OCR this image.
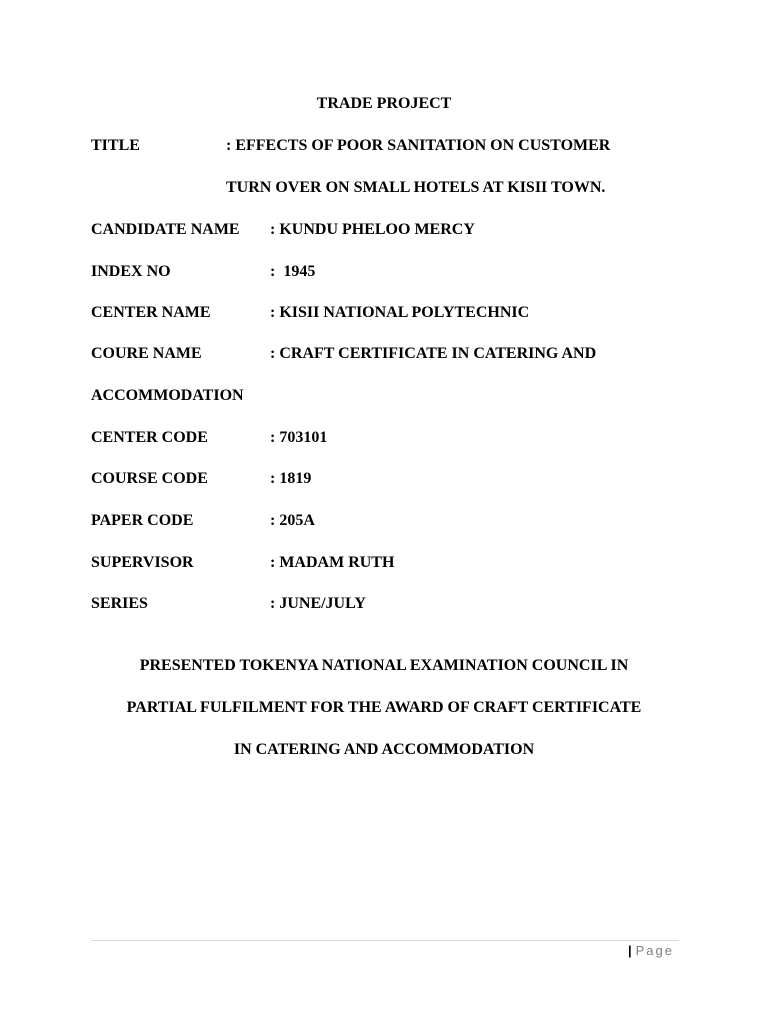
TRADE PROJECT
TITLE	: EFFECTS OF POOR SANITATION ON CUSTOMER
TURN OVER ON SMALL HOTELS AT KISII TOWN.
CANDIDATE NAME : KUNDU PHELOO MERCY
INDEX NO	:  1945
CENTER NAME	: KISII NATIONAL POLYTECHNIC
COURE NAME	: CRAFT CERTIFICATE IN CATERING AND
ACCOMMODATION
CENTER CODE	: 703101
COURSE CODE	: 1819
PAPER CODE	: 205A
SUPERVISOR	: MADAM RUTH
SERIES	: JUNE/JULY
PRESENTED TOKENYA NATIONAL EXAMINATION COUNCIL IN
PARTIAL FULFILMENT FOR THE AWARD OF CRAFT CERTIFICATE
IN CATERING AND ACCOMMODATION
| Page
